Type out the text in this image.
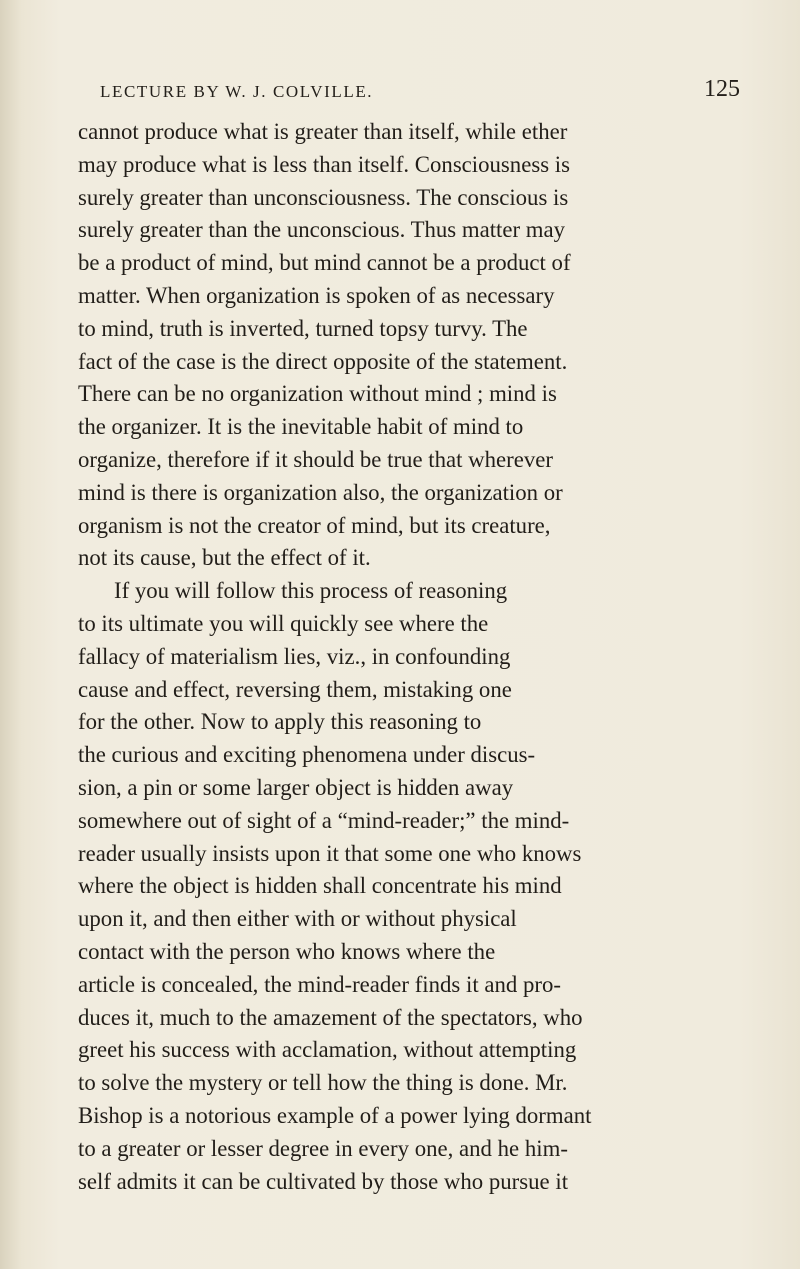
LECTURE BY W. J. COLVILLE.	125
cannot produce what is greater than itself, while ether
may produce what is less than itself. Consciousness is
surely greater than unconsciousness. The conscious is
surely greater than the unconscious. Thus matter may
be a product of mind, but mind cannot be a product of
matter. When organization is spoken of as necessary
to mind, truth is inverted, turned topsy turvy. The
fact of the case is the direct opposite of the statement.
There can be no organization without mind ; mind is
the organizer. It is the inevitable habit of mind to
organize, therefore if it should be true that wherever
mind is there is organization also, the organization or
organism is not the creator of mind, but its creature,
not its cause, but the effect of it.
If you will follow this process of reasoning
to its ultimate you will quickly see where the
fallacy of materialism lies, viz., in confounding
cause and effect, reversing them, mistaking one
for the other. Now to apply this reasoning to
the curious and exciting phenomena under discus-
sion, a pin or some larger object is hidden away
somewhere out of sight of a “mind-reader;” the mind-
reader usually insists upon it that some one who knows
where the object is hidden shall concentrate his mind
upon it, and then either with or without physical
contact with the person who knows where the
article is concealed, the mind-reader finds it and pro-
duces it, much to the amazement of the spectators, who
greet his success with acclamation, without attempting
to solve the mystery or tell how the thing is done. Mr.
Bishop is a notorious example of a power lying dormant
to a greater or lesser degree in every one, and he him-
self admits it can be cultivated by those who pursue it
